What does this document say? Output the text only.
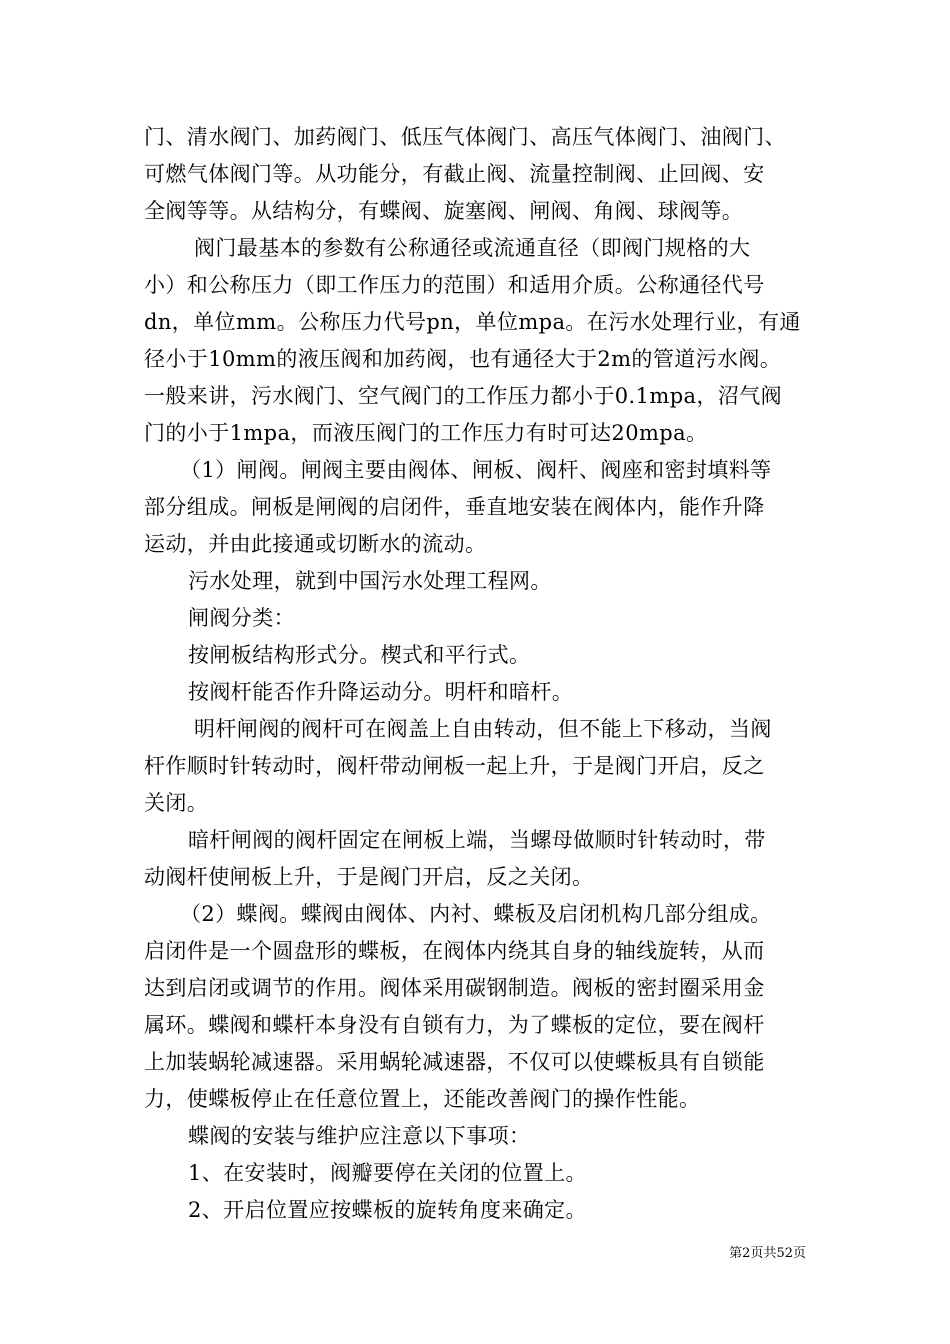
门、清水阀门、加药阀门、低压气体阀门、高压气体阀门、油阀门、
可燃气体阀门等。从功能分，有截止阀、流量控制阀、止回阀、安
全阀等等。从结构分，有蝶阀、旋塞阀、闸阀、角阀、球阀等。
阀门最基本的参数有公称通径或流通直径（即阀门规格的大
小）和公称压力（即工作压力的范围）和适用介质。公称通径代号
dn，单位mm。公称压力代号pn，单位mpa。在污水处理行业，有通
径小于10mm的液压阀和加药阀，也有通径大于2m的管道污水阀。
一般来讲，污水阀门、空气阀门的工作压力都小于0.1mpa，沼气阀
门的小于1mpa，而液压阀门的工作压力有时可达20mpa。
（1）闸阀。闸阀主要由阀体、闸板、阀杆、阀座和密封填料等
部分组成。闸板是闸阀的启闭件，垂直地安装在阀体内，能作升降
运动，并由此接通或切断水的流动。
污水处理，就到中国污水处理工程网。
闸阀分类：
按闸板结构形式分。楔式和平行式。
按阀杆能否作升降运动分。明杆和暗杆。
明杆闸阀的阀杆可在阀盖上自由转动，但不能上下移动，当阀
杆作顺时针转动时，阀杆带动闸板一起上升，于是阀门开启，反之
关闭。
暗杆闸阀的阀杆固定在闸板上端，当螺母做顺时针转动时，带
动阀杆使闸板上升，于是阀门开启，反之关闭。
（2）蝶阀。蝶阀由阀体、内衬、蝶板及启闭机构几部分组成。
启闭件是一个圆盘形的蝶板，在阀体内绕其自身的轴线旋转，从而
达到启闭或调节的作用。阀体采用碳钢制造。阀板的密封圈采用金
属环。蝶阀和蝶杆本身没有自锁有力，为了蝶板的定位，要在阀杆
上加装蜗轮减速器。采用蜗轮减速器，不仅可以使蝶板具有自锁能
力，使蝶板停止在任意位置上，还能改善阀门的操作性能。
蝶阀的安装与维护应注意以下事项：
1、在安装时，阀瓣要停在关闭的位置上。
2、开启位置应按蝶板的旋转角度来确定。
第2页共52页
